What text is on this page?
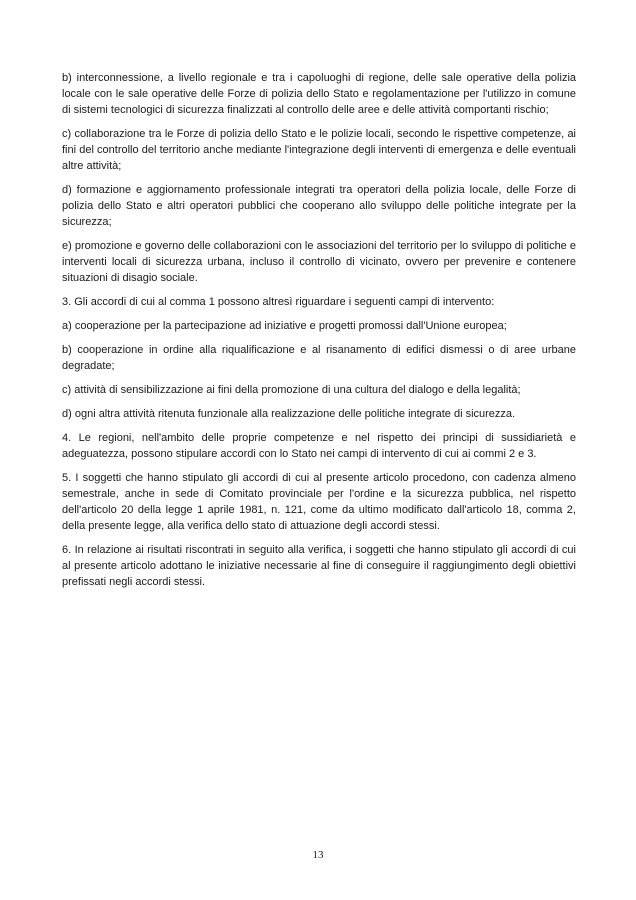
b) interconnessione, a livello regionale e tra i capoluoghi di regione, delle sale operative della polizia locale con le sale operative delle Forze di polizia dello Stato e regolamentazione per l'utilizzo in comune di sistemi tecnologici di sicurezza finalizzati al controllo delle aree e delle attività comportanti rischio;

c) collaborazione tra le Forze di polizia dello Stato e le polizie locali, secondo le rispettive competenze, ai fini del controllo del territorio anche mediante l'integrazione degli interventi di emergenza e delle eventuali altre attività;

d) formazione e aggiornamento professionale integrati tra operatori della polizia locale, delle Forze di polizia dello Stato e altri operatori pubblici che cooperano allo sviluppo delle politiche integrate per la sicurezza;

e) promozione e governo delle collaborazioni con le associazioni del territorio per lo sviluppo di politiche e interventi locali di sicurezza urbana, incluso il controllo di vicinato, ovvero per prevenire e contenere situazioni di disagio sociale.

3. Gli accordi di cui al comma 1 possono altresì riguardare i seguenti campi di intervento:

a) cooperazione per la partecipazione ad iniziative e progetti promossi dall'Unione europea;

b) cooperazione in ordine alla riqualificazione e al risanamento di edifici dismessi o di aree urbane degradate;

c) attività di sensibilizzazione ai fini della promozione di una cultura del dialogo e della legalità;

d) ogni altra attività ritenuta funzionale alla realizzazione delle politiche integrate di sicurezza.

4. Le regioni, nell'ambito delle proprie competenze e nel rispetto dei principi di sussidiarietà e adeguatezza, possono stipulare accordi con lo Stato nei campi di intervento di cui ai commi 2 e 3.

5. I soggetti che hanno stipulato gli accordi di cui al presente articolo procedono, con cadenza almeno semestrale, anche in sede di Comitato provinciale per l'ordine e la sicurezza pubblica, nel rispetto dell'articolo 20 della legge 1 aprile 1981, n. 121, come da ultimo modificato dall'articolo 18, comma 2, della presente legge, alla verifica dello stato di attuazione degli accordi stessi.

6. In relazione ai risultati riscontrati in seguito alla verifica, i soggetti che hanno stipulato gli accordi di cui al presente articolo adottano le iniziative necessarie al fine di conseguire il raggiungimento degli obiettivi prefissati negli accordi stessi.

13
